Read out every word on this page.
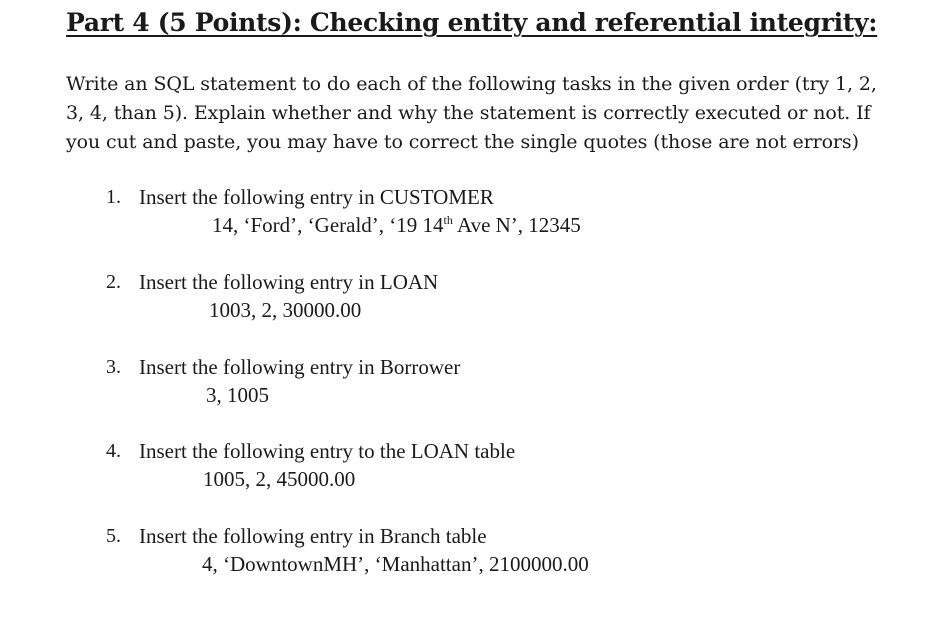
Part 4 (5 Points): Checking entity and referential integrity:

Write an SQL statement to do each of the following tasks in the given order (try 1, 2,
3, 4, than 5). Explain whether and why the statement is correctly executed or not. If
you cut and paste, you may have to correct the single quotes (those are not errors)

1. Insert the following entry in CUSTOMER
14, ‘Ford’, ‘Gerald’, ‘19 14th Ave N’, 12345
2. Insert the following entry in LOAN
1003, 2, 30000.00
3. Insert the following entry in Borrower
3, 1005
4. Insert the following entry to the LOAN table
1005, 2, 45000.00
5. Insert the following entry in Branch table
4, ‘DowntownMH’, ‘Manhattan’, 2100000.00
